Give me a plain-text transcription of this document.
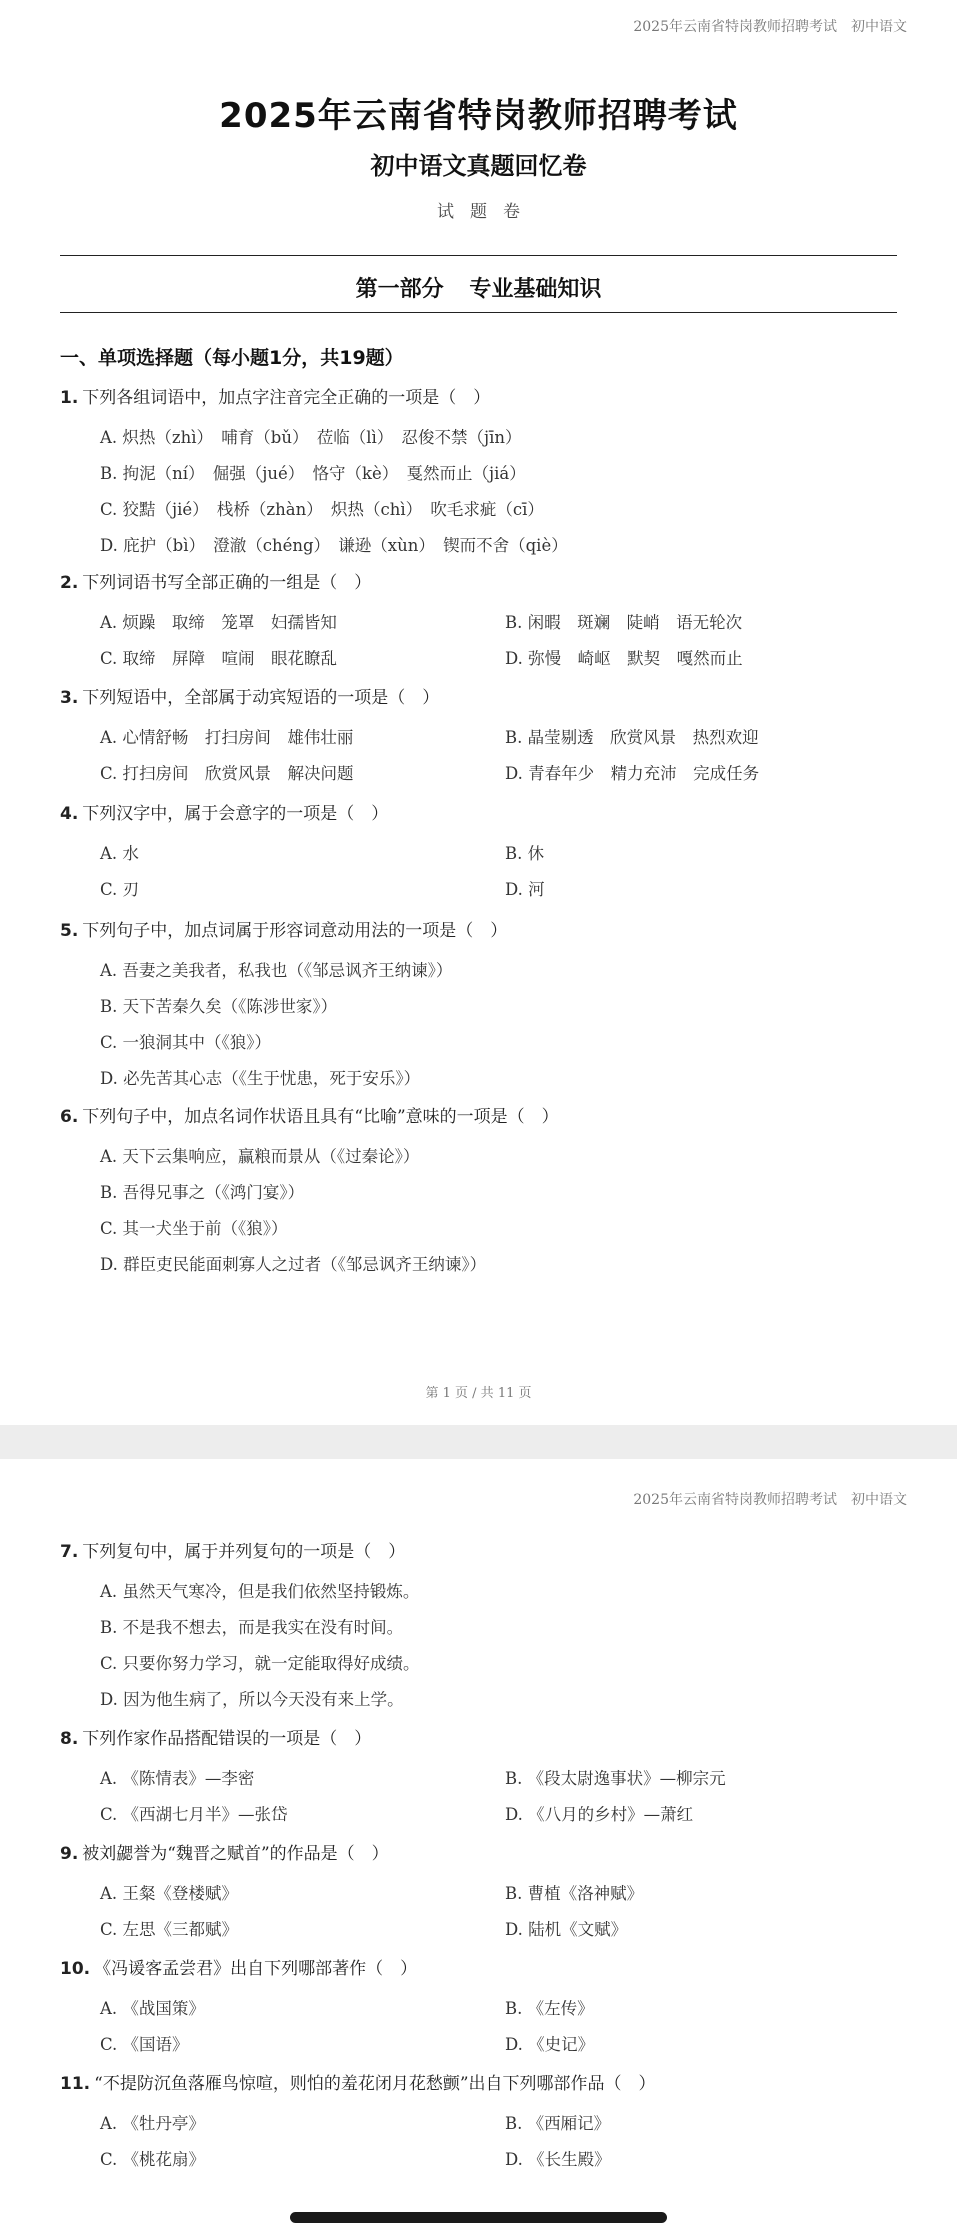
2025年云南省特岗教师招聘考试 初中语文
2025年云南省特岗教师招聘考试
初中语文真题回忆卷
试题卷
第一部分 专业基础知识
一、单项选择题（每小题1分，共19题）
1. 下列各组词语中，加点字注音完全正确的一项是（　）
A. 炽热（zhì）　哺育（bǔ）　莅临（lì）　忍俊不禁（jīn）
B. 拘泥（ní）　倔强（jué）　恪守（kè）　戛然而止（jiá）
C. 狡黠（jié）　栈桥（zhàn）　炽热（chì）　吹毛求疵（cī）
D. 庇护（bì）　澄澈（chéng）　谦逊（xùn）　锲而不舍（qiè）
2. 下列词语书写全部正确的一组是（　）
A. 烦躁　取缔　笼罩　妇孺皆知	B. 闲暇　斑斓　陡峭　语无轮次
C. 取缔　屏障　喧闹　眼花瞭乱	D. 弥慢　崎岖　默契　嘎然而止
3. 下列短语中，全部属于动宾短语的一项是（　）
A. 心情舒畅　打扫房间　雄伟壮丽	B. 晶莹剔透　欣赏风景　热烈欢迎
C. 打扫房间　欣赏风景　解决问题	D. 青春年少　精力充沛　完成任务
4. 下列汉字中，属于会意字的一项是（　）
A. 水	B. 休
C. 刃	D. 河
5. 下列句子中，加点词属于形容词意动用法的一项是（　）
A. 吾妻之美我者，私我也（《邹忌讽齐王纳谏》）
B. 天下苦秦久矣（《陈涉世家》）
C. 一狼洞其中（《狼》）
D. 必先苦其心志（《生于忧患，死于安乐》）
6. 下列句子中，加点名词作状语且具有“比喻”意味的一项是（　）
A. 天下云集响应，赢粮而景从（《过秦论》）
B. 吾得兄事之（《鸿门宴》）
C. 其一犬坐于前（《狼》）
D. 群臣吏民能面刺寡人之过者（《邹忌讽齐王纳谏》）
第 1 页 / 共 11 页
2025年云南省特岗教师招聘考试 初中语文
7. 下列复句中，属于并列复句的一项是（　）
A. 虽然天气寒冷，但是我们依然坚持锻炼。
B. 不是我不想去，而是我实在没有时间。
C. 只要你努力学习，就一定能取得好成绩。
D. 因为他生病了，所以今天没有来上学。
8. 下列作家作品搭配错误的一项是（　）
A. 《陈情表》—李密	B. 《段太尉逸事状》—柳宗元
C. 《西湖七月半》—张岱	D. 《八月的乡村》—萧红
9. 被刘勰誉为“魏晋之赋首”的作品是（　）
A. 王粲《登楼赋》	B. 曹植《洛神赋》
C. 左思《三都赋》	D. 陆机《文赋》
10. 《冯谖客孟尝君》出自下列哪部著作（　）
A. 《战国策》	B. 《左传》
C. 《国语》	D. 《史记》
11. “不提防沉鱼落雁鸟惊喧，则怕的羞花闭月花愁颤”出自下列哪部作品（　）
A. 《牡丹亭》	B. 《西厢记》
C. 《桃花扇》	D. 《长生殿》
